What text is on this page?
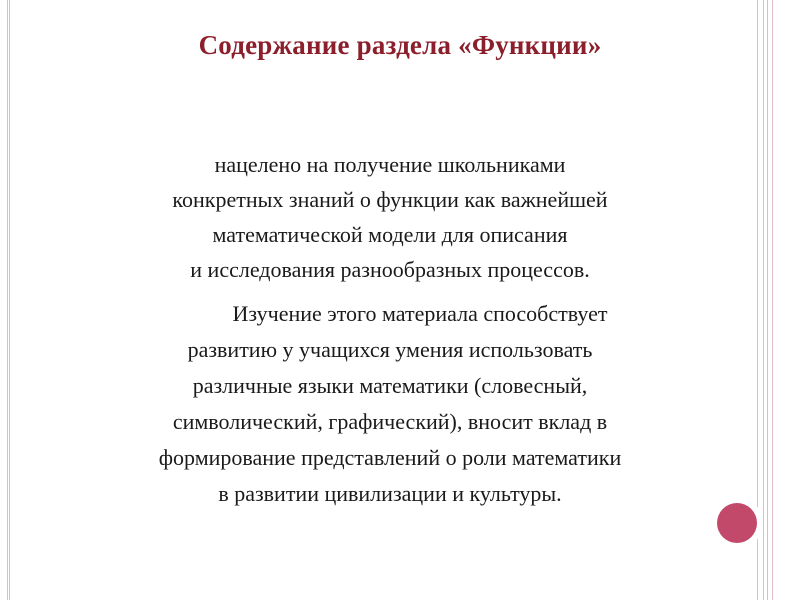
Содержание раздела «Функции»
нацелено на получение школьниками
конкретных знаний о функции как важнейшей
математической модели для описания
и исследования разнообразных процессов.
Изучение этого материала способствует
развитию у учащихся умения использовать
различные языки математики (словесный,
символический, графический), вносит вклад в
формирование представлений о роли математики
в развитии цивилизации и культуры.
